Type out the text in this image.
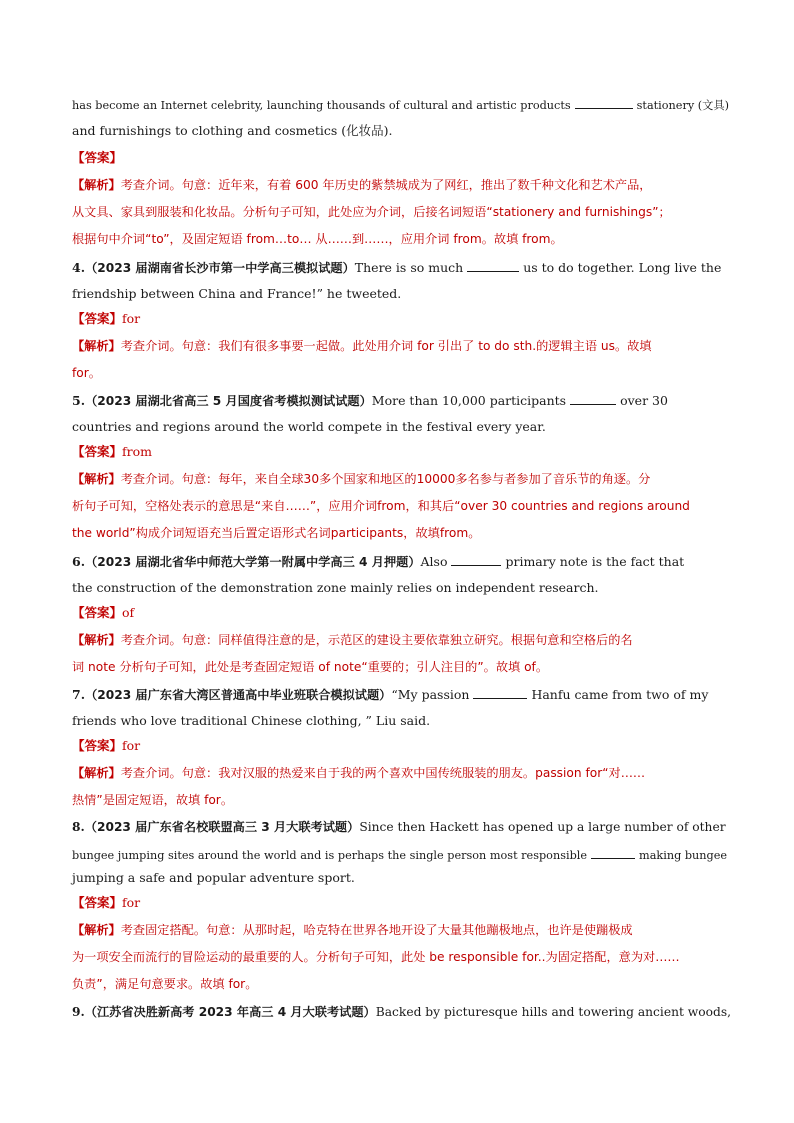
has become an Internet celebrity, launching thousands of cultural and artistic products	stationery (文具)
and furnishings to clothing and cosmetics (化妆品).
【答案】
【解析】考查介词。句意：近年来，有着 600 年历史的紫禁城成为了网红，推出了数千种文化和艺术产品，
从文具、家具到服装和化妆品。分析句子可知，此处应为介词，后接名词短语“stationery and furnishings”；
根据句中介词“to”，及固定短语 from…to… 从……到……，应用介词 from。故填 from。
4.（2023 届湖南省长沙市第一中学高三模拟试题）There is so much	us to do together. Long live the
friendship between China and France!” he tweeted.
【答案】for
【解析】考查介词。句意：我们有很多事要一起做。此处用介词 for 引出了 to do sth.的逻辑主语 us。故填
for。
5.（2023 届湖北省高三 5 月国度省考模拟测试试题）More than 10,000 participants	over 30
countries and regions around the world compete in the festival every year.
【答案】from
【解析】考查介词。句意：每年，来自全球30多个国家和地区的10000多名参与者参加了音乐节的角逐。分
析句子可知，空格处表示的意思是“来自……”，应用介词from，和其后“over 30 countries and regions around
the world”构成介词短语充当后置定语形式名词participants，故填from。
6.（2023 届湖北省华中师范大学第一附属中学高三 4 月押题）Also	primary note is the fact that
the construction of the demonstration zone mainly relies on independent research.
【答案】of
【解析】考查介词。句意：同样值得注意的是，示范区的建设主要依靠独立研究。根据句意和空格后的名
词 note 分析句子可知，此处是考查固定短语 of note“重要的；引人注目的”。故填 of。
7.（2023 届广东省大湾区普通高中毕业班联合模拟试题）“My passion	Hanfu came from two of my
friends who love traditional Chinese clothing, ” Liu said.
【答案】for
【解析】考查介词。句意：我对汉服的热爱来自于我的两个喜欢中国传统服装的朋友。passion for“对……
热情”是固定短语，故填 for。
8.（2023 届广东省名校联盟高三 3 月大联考试题）Since then Hackett has opened up a large number of other
bungee jumping sites around the world and is perhaps the single person most responsible	making bungee
jumping a safe and popular adventure sport.
【答案】for
【解析】考查固定搭配。句意：从那时起，哈克特在世界各地开设了大量其他蹦极地点，也许是使蹦极成
为一项安全而流行的冒险运动的最重要的人。分析句子可知，此处 be responsible for..为固定搭配，意为对……
负责”，满足句意要求。故填 for。
9.（江苏省决胜新高考 2023 年高三 4 月大联考试题）Backed by picturesque hills and towering ancient woods,
